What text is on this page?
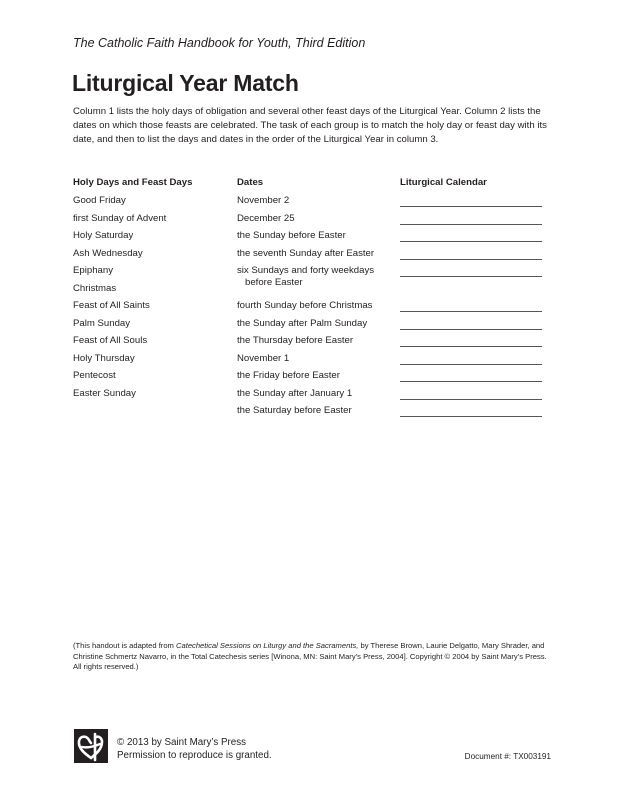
The Catholic Faith Handbook for Youth, Third Edition
Liturgical Year Match
Column 1 lists the holy days of obligation and several other feast days of the Liturgical Year. Column 2 lists the dates on which those feasts are celebrated. The task of each group is to match the holy day or feast day with its date, and then to list the days and dates in the order of the Liturgical Year in column 3.
Holy Days and Feast Days
Good Friday
first Sunday of Advent
Holy Saturday
Ash Wednesday
Epiphany
Christmas
Feast of All Saints
Palm Sunday
Feast of All Souls
Holy Thursday
Pentecost
Easter Sunday
Dates
November 2
December 25
the Sunday before Easter
the seventh Sunday after Easter
six Sundays and forty weekdays
before Easter
fourth Sunday before Christmas
the Sunday after Palm Sunday
the Thursday before Easter
November 1
the Friday before Easter
the Sunday after January 1
the Saturday before Easter
Liturgical Calendar
(This handout is adapted from Catechetical Sessions on Liturgy and the Sacraments, by Therese Brown, Laurie Delgatto, Mary Shrader, and Christine Schmertz Navarro, in the Total Catechesis series [Winona, MN: Saint Mary’s Press, 2004]. Copyright © 2004 by Saint Mary’s Press. All rights reserved.)
© 2013 by Saint Mary’s Press
Permission to reproduce is granted.	Document #: TX003191
